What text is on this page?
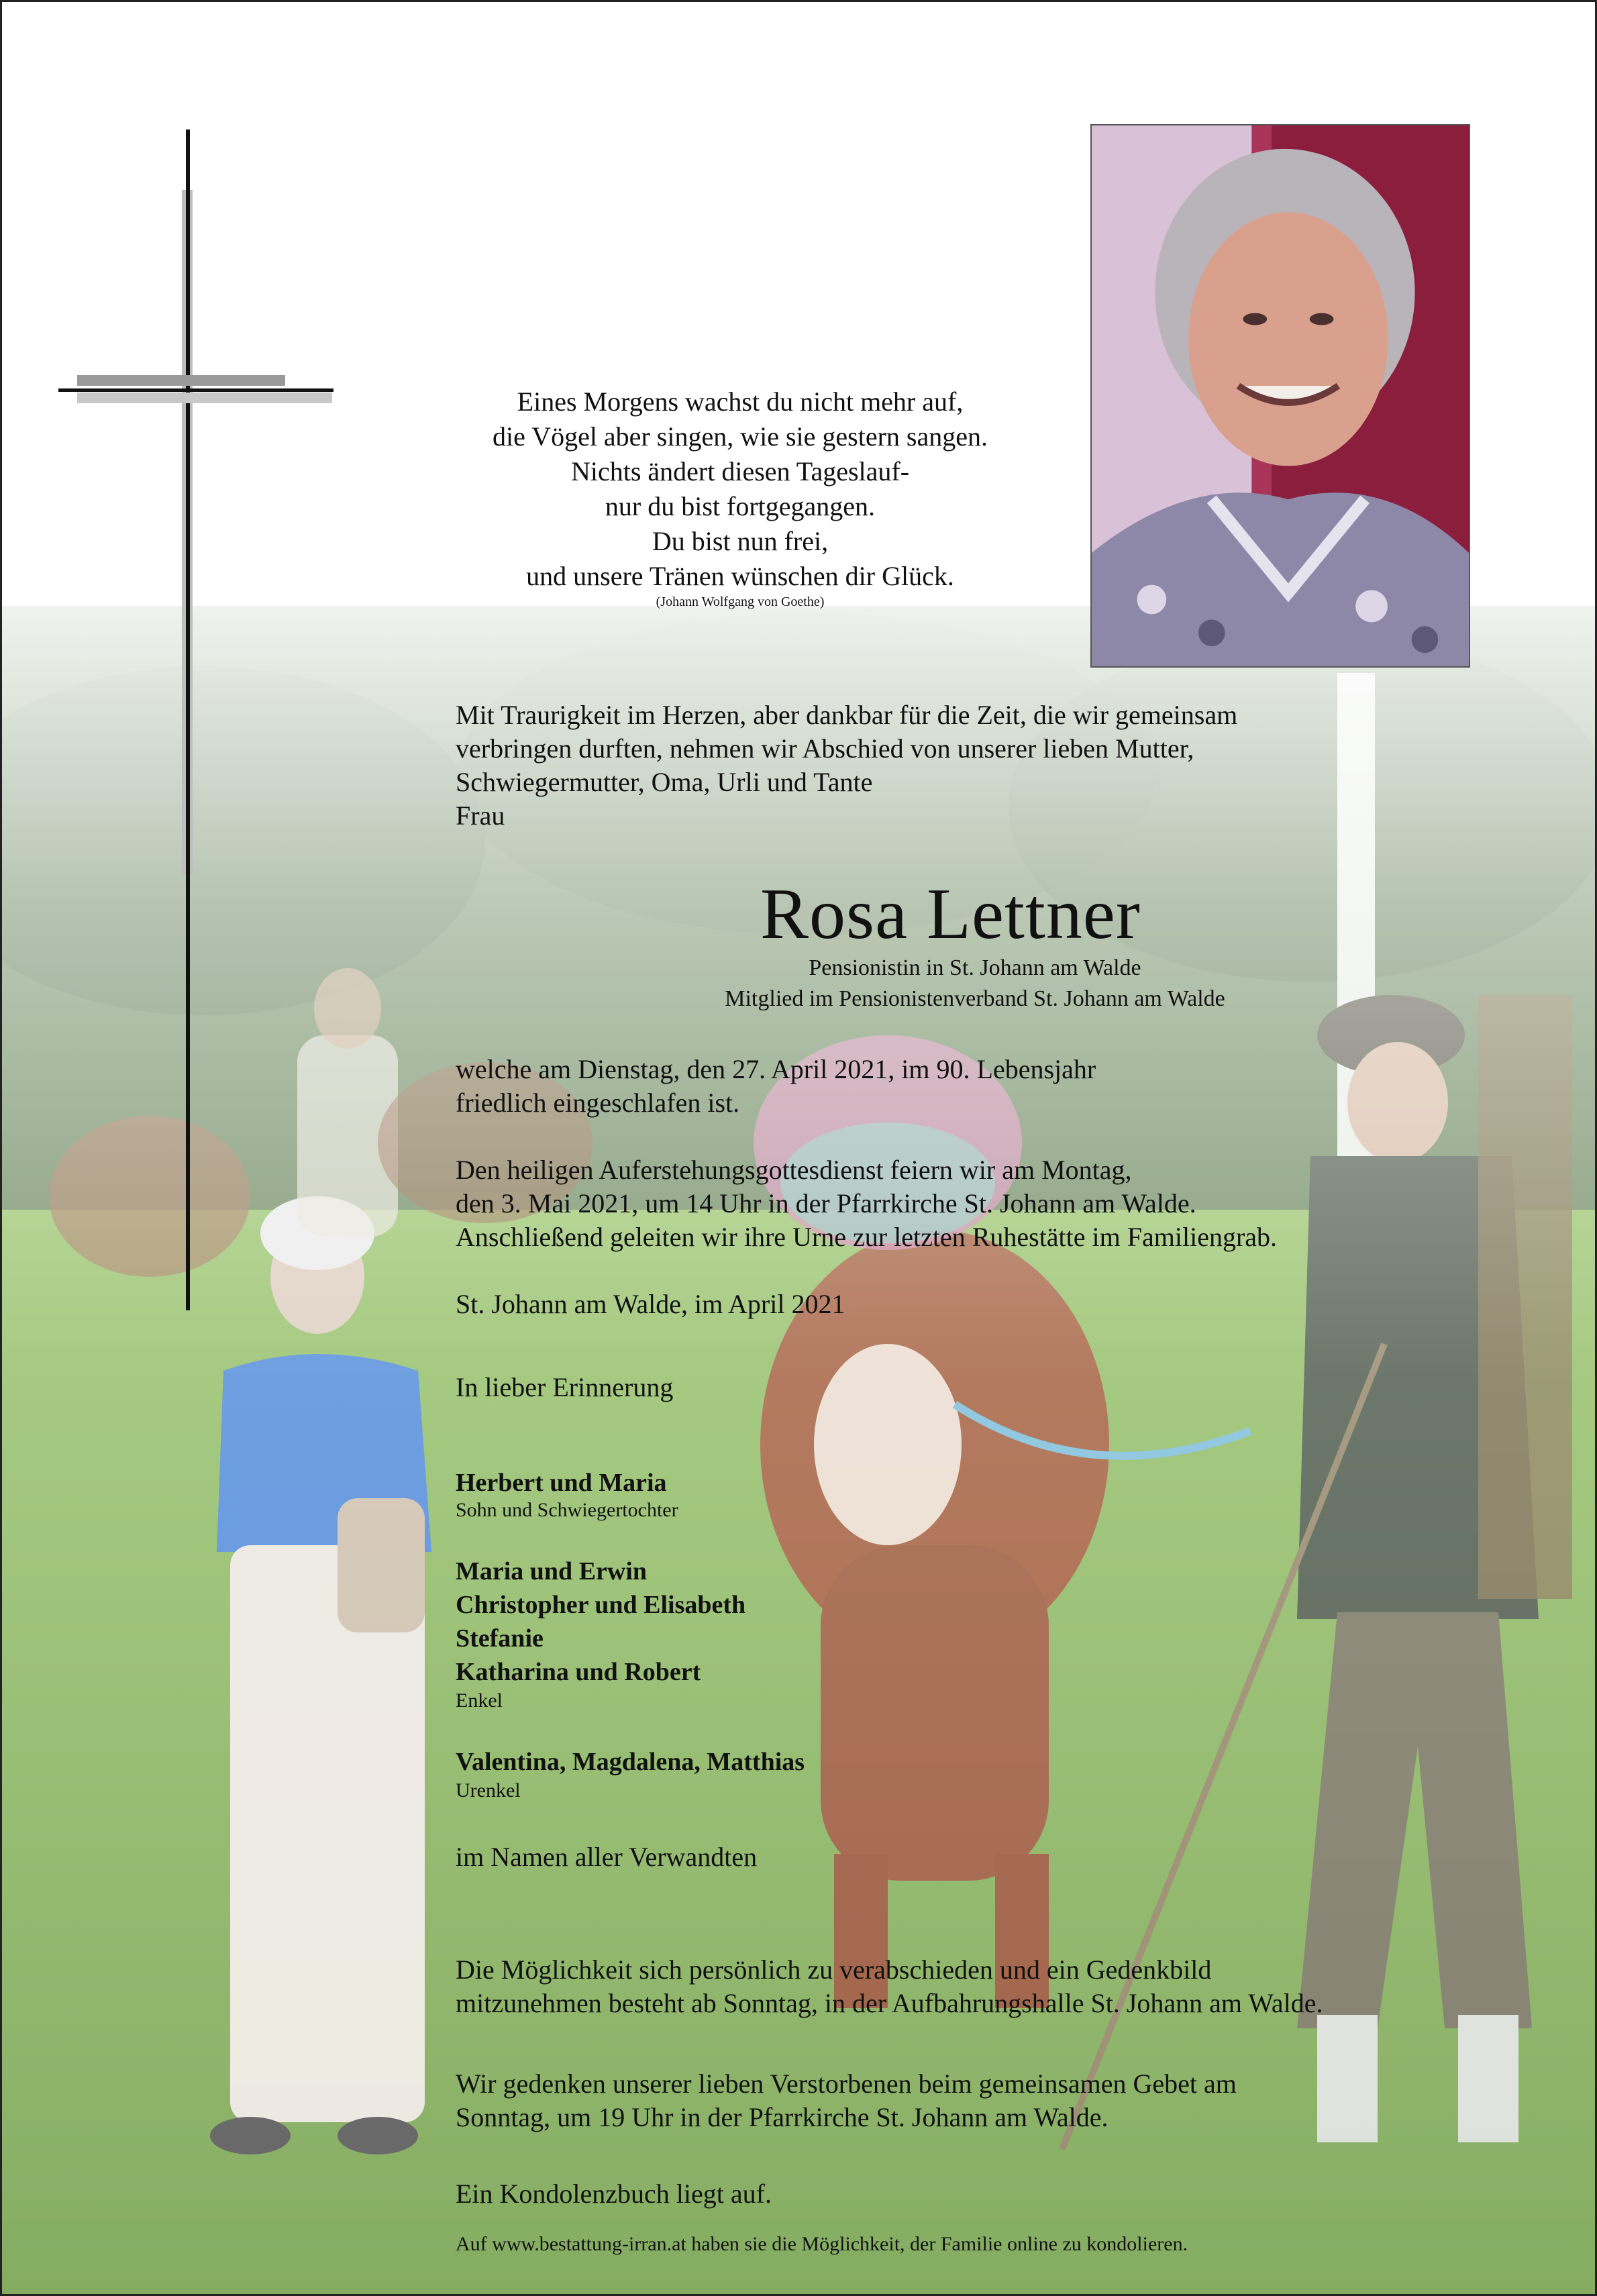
Eines Morgens wachst du nicht mehr auf,
die Vögel aber singen, wie sie gestern sangen.
Nichts ändert diesen Tageslauf-
nur du bist fortgegangen.
Du bist nun frei,
und unsere Tränen wünschen dir Glück.
(Johann Wolfgang von Goethe)
Mit Traurigkeit im Herzen, aber dankbar für die Zeit, die wir gemeinsam
verbringen durften, nehmen wir Abschied von unserer lieben Mutter,
Schwiegermutter, Oma, Urli und Tante
Frau
Rosa Lettner
Pensionistin in St. Johann am Walde
Mitglied im Pensionistenverband St. Johann am Walde
welche am Dienstag, den 27. April 2021, im 90. Lebensjahr
friedlich eingeschlafen ist.
Den heiligen Auferstehungsgottesdienst feiern wir am Montag,
den 3. Mai 2021, um 14 Uhr in der Pfarrkirche St. Johann am Walde.
Anschließend geleiten wir ihre Urne zur letzten Ruhestätte im Familiengrab.
St. Johann am Walde, im April 2021
In lieber Erinnerung
Herbert und Maria
Sohn und Schwiegertochter
Maria und Erwin
Christopher und Elisabeth
Stefanie
Katharina und Robert
Enkel
Valentina, Magdalena, Matthias
Urenkel
im Namen aller Verwandten
Die Möglichkeit sich persönlich zu verabschieden und ein Gedenkbild
mitzunehmen besteht ab Sonntag, in der Aufbahrungshalle St. Johann am Walde.
Wir gedenken unserer lieben Verstorbenen beim gemeinsamen Gebet am
Sonntag, um 19 Uhr in der Pfarrkirche St. Johann am Walde.
Ein Kondolenzbuch liegt auf.
Auf www.bestattung-irran.at haben sie die Möglichkeit, der Familie online zu kondolieren.
